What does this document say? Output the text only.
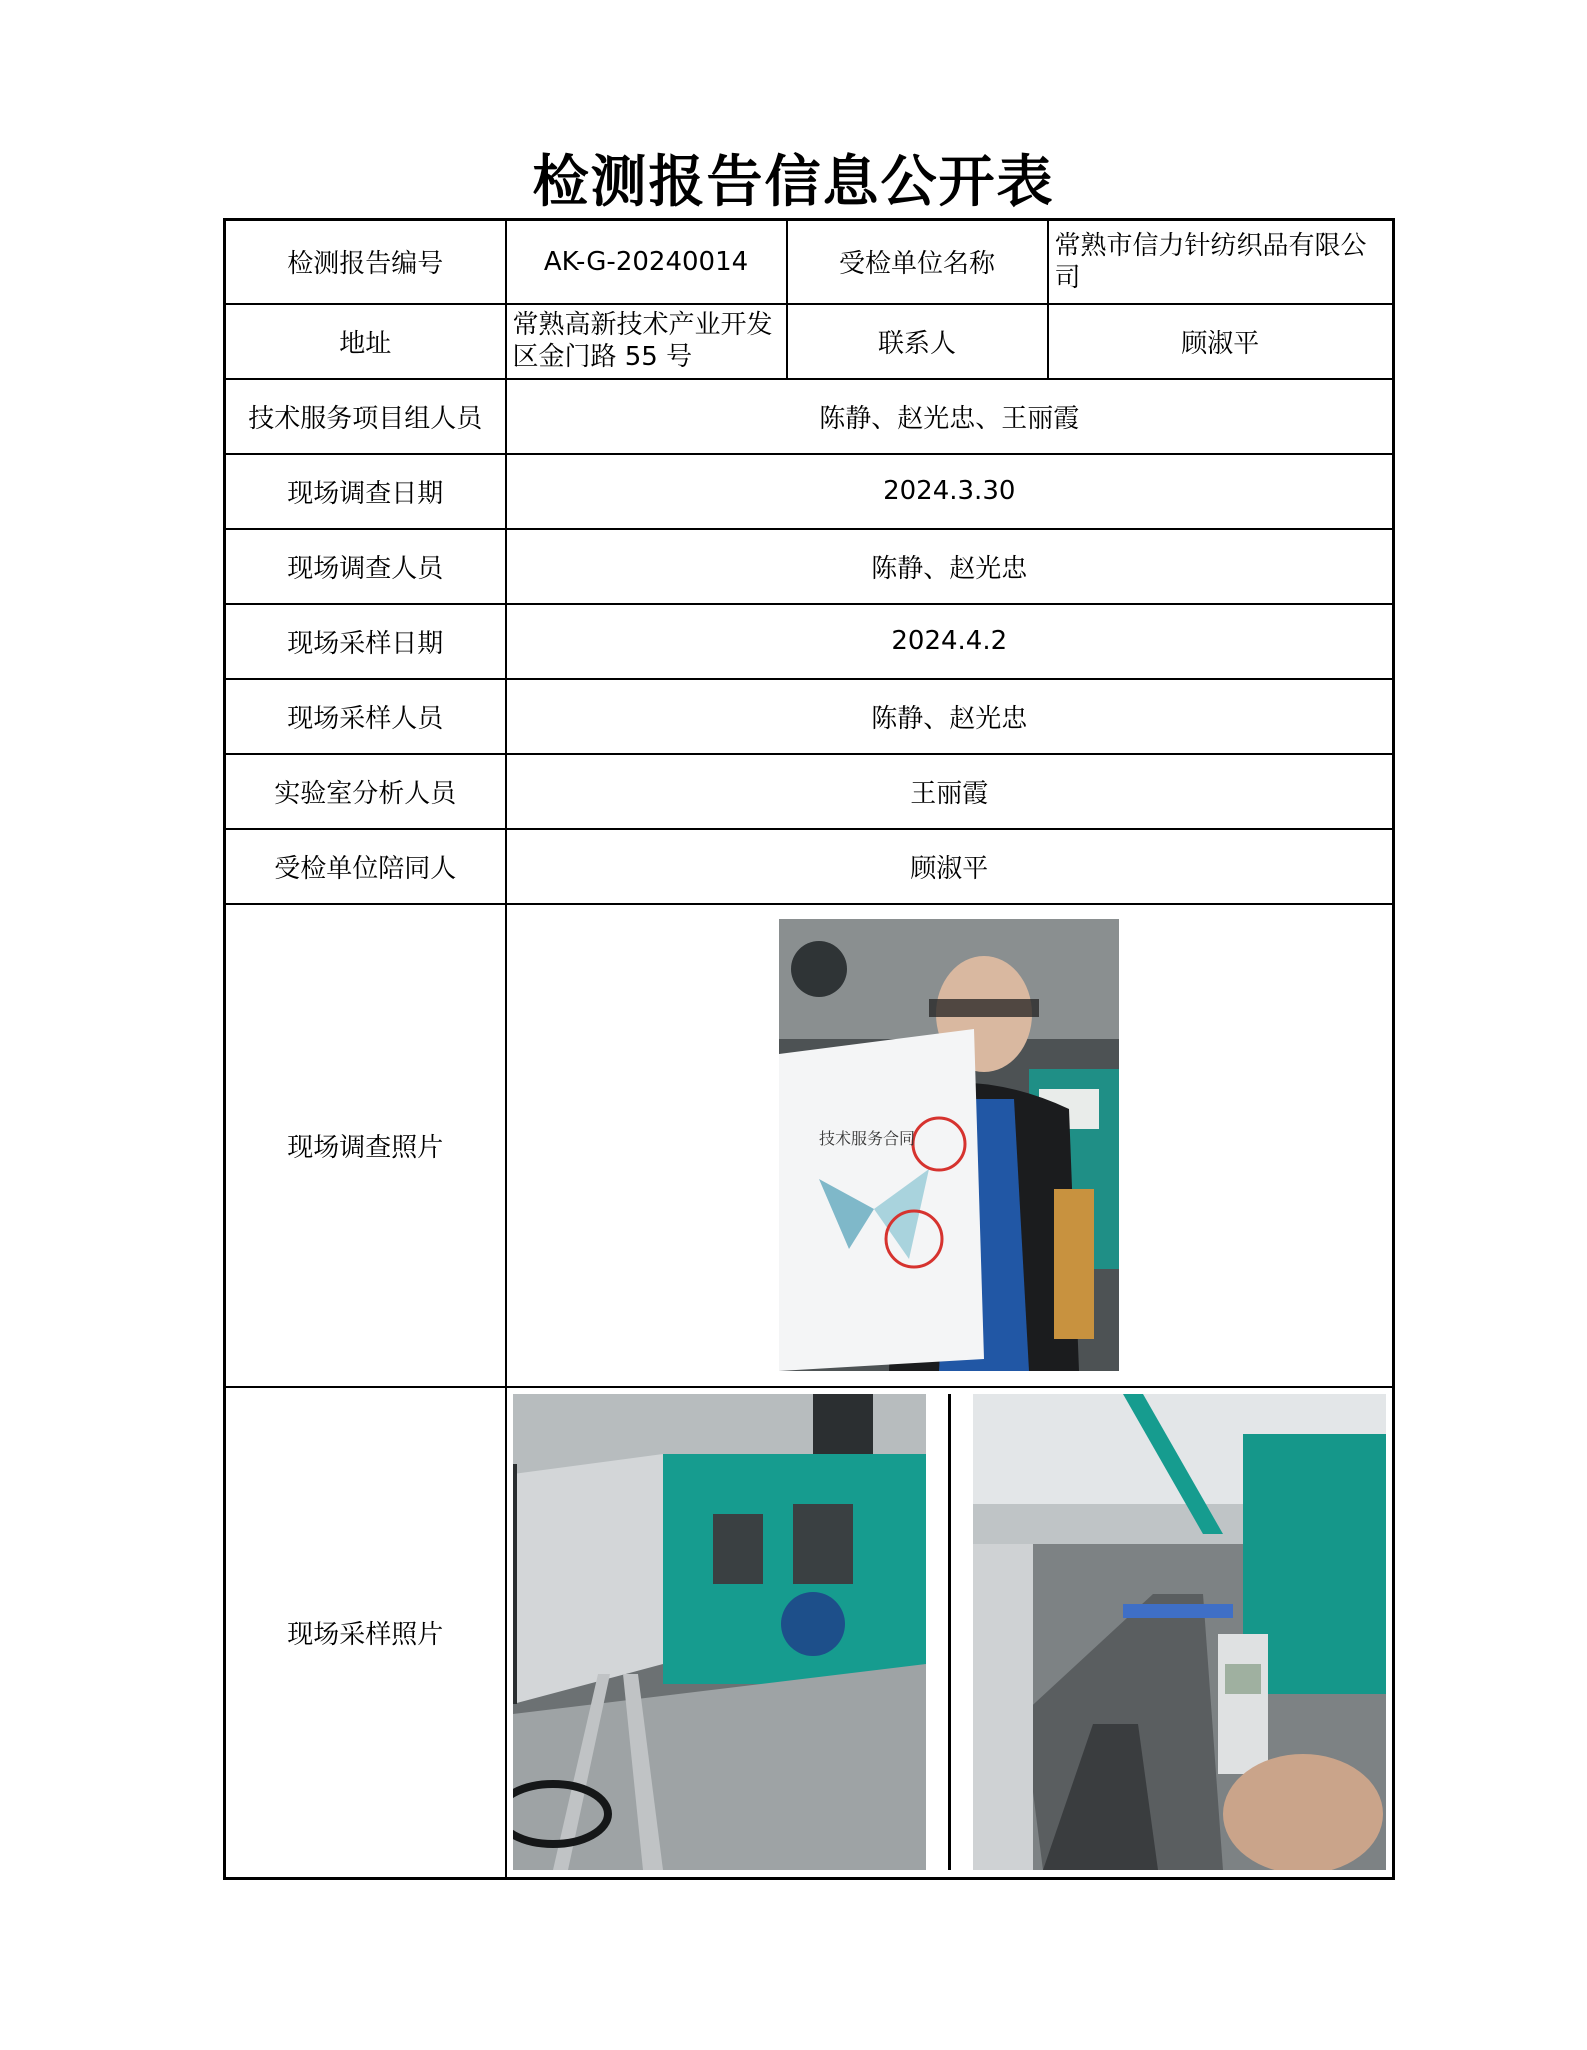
检测报告信息公开表
检测报告编号	AK-G-20240014	受检单位名称	常熟市信力针纺织品有限公司
地址	常熟高新技术产业开发区金门路 55 号	联系人	顾淑平
技术服务项目组人员	陈静、赵光忠、王丽霞		
现场调查日期	2024.3.30		
现场调查人员	陈静、赵光忠		
现场采样日期	2024.4.2		
现场采样人员	陈静、赵光忠		
实验室分析人员	王丽霞		
受检单位陪同人	顾淑平		
现场调查照片	技术服务合同		

现场采样照片	
